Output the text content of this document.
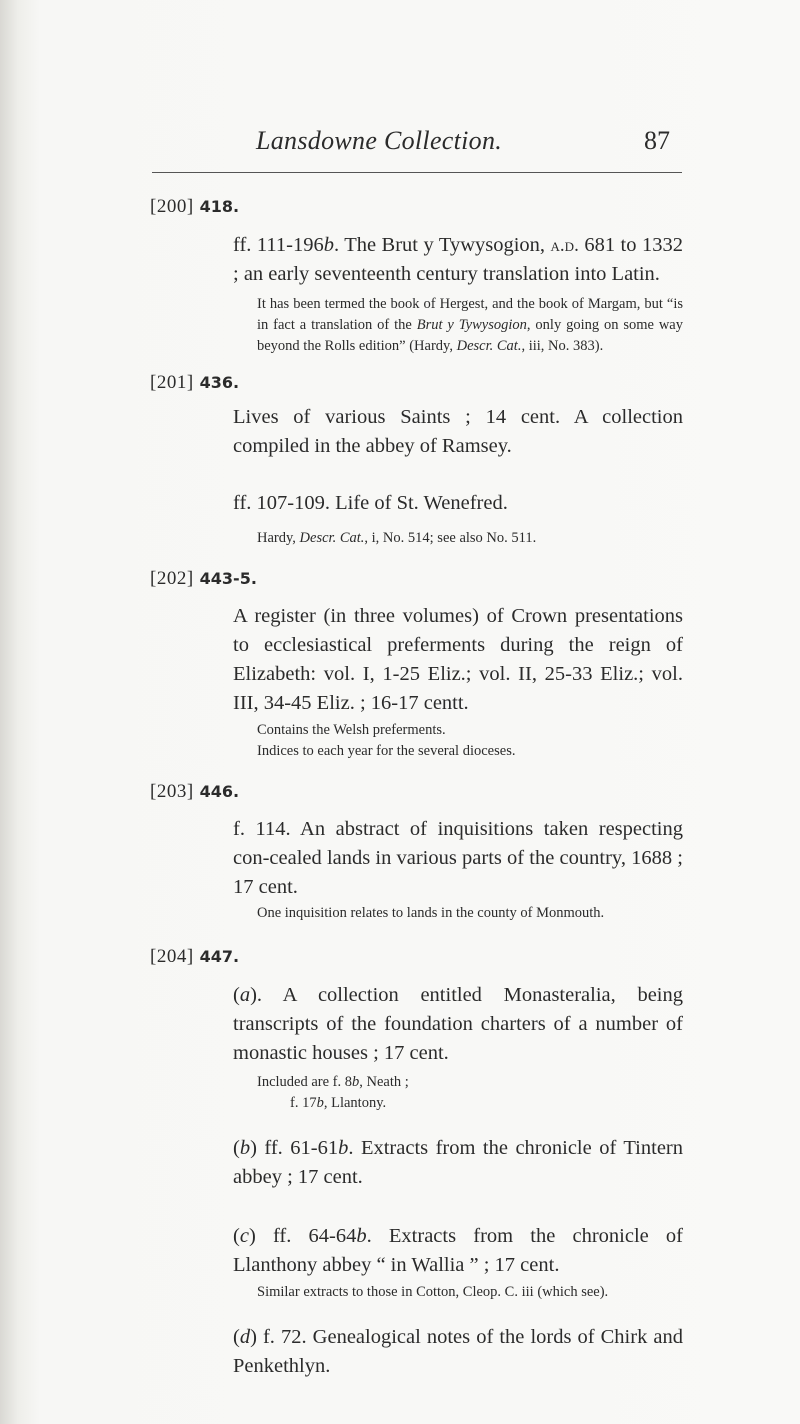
Lansdowne Collection.	87
[200] 418.
ff. 111-196b. The Brut y Tywysogion, a.d. 681 to 1332 ; an early seventeenth century translation into Latin.
It has been termed the book of Hergest, and the book of Margam, but “is in fact a translation of the Brut y Tywysogion, only going on some way beyond the Rolls edition” (Hardy, Descr. Cat., iii, No. 383).
[201] 436.
Lives of various Saints ; 14 cent. A collection compiled in the abbey of Ramsey.
ff. 107-109. Life of St. Wenefred.
Hardy, Descr. Cat., i, No. 514; see also No. 511.
[202] 443-5.
A register (in three volumes) of Crown presentations to ecclesiastical preferments during the reign of Elizabeth: vol. I, 1-25 Eliz.; vol. II, 25-33 Eliz.; vol. III, 34-45 Eliz. ; 16-17 centt.
Contains the Welsh preferments.
Indices to each year for the several dioceses.
[203] 446.
f. 114. An abstract of inquisitions taken respecting con-cealed lands in various parts of the country, 1688 ; 17 cent.
One inquisition relates to lands in the county of Monmouth.
[204] 447.
(a). A collection entitled Monasteralia, being transcripts of the foundation charters of a number of monastic houses ; 17 cent.
Included are f. 8b, Neath ;
f. 17b, Llantony.
(b) ff. 61-61b. Extracts from the chronicle of Tintern abbey ; 17 cent.
(c) ff. 64-64b. Extracts from the chronicle of Llanthony abbey “ in Wallia ” ; 17 cent.
Similar extracts to those in Cotton, Cleop. C. iii (which see).
(d) f. 72. Genealogical notes of the lords of Chirk and Penkethlyn.
